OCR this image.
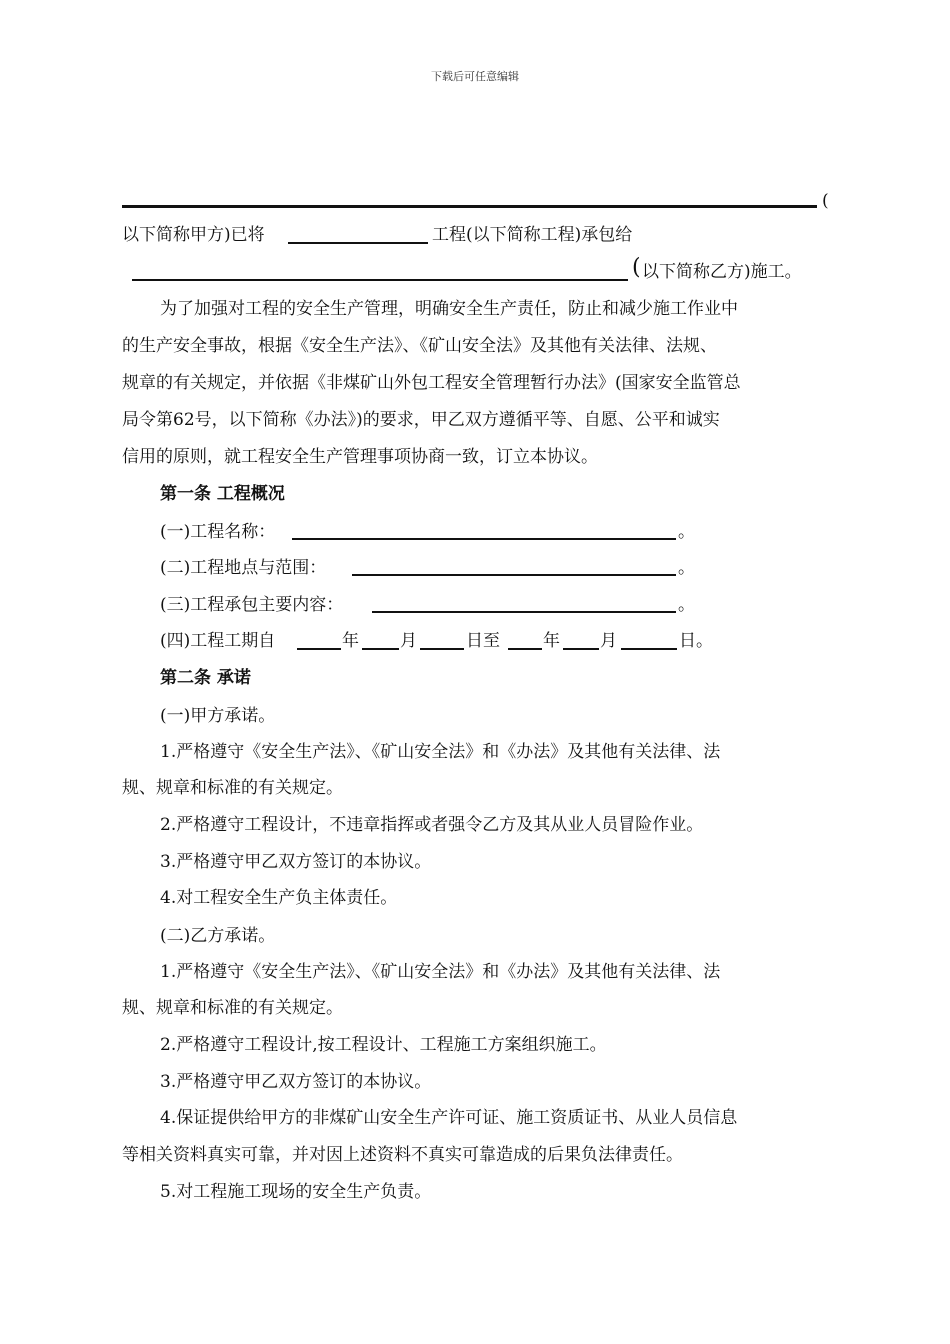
下载后可任意编辑
(
以下简称甲方)已将	工程(以下简称工程)承包给
( 以下简称乙方)施工。
为了加强对工程的安全生产管理，明确安全生产责任，防止和减少施工作业中
的生产安全事故，根据《安全生产法》、《矿山安全法》及其他有关法律、法规、
规章的有关规定，并依据《非煤矿山外包工程安全管理暂行办法》(国家安全监管总
局令第62号，以下简称《办法》)的要求，甲乙双方遵循平等、自愿、公平和诚实
信用的原则，就工程安全生产管理事项协商一致，订立本协议。
第一条 工程概况
(一)工程名称：	。
(二)工程地点与范围：	。
(三)工程承包主要内容：	。
(四)工程工期自	年 月	日至	年 月	日。
第二条 承诺
(一)甲方承诺。
1.严格遵守《安全生产法》、《矿山安全法》和《办法》及其他有关法律、法
规、规章和标准的有关规定。
2.严格遵守工程设计，不违章指挥或者强令乙方及其从业人员冒险作业。
3.严格遵守甲乙双方签订的本协议。
4.对工程安全生产负主体责任。
(二)乙方承诺。
1.严格遵守《安全生产法》、《矿山安全法》和《办法》及其他有关法律、法
规、规章和标准的有关规定。
2.严格遵守工程设计,按工程设计、工程施工方案组织施工。
3.严格遵守甲乙双方签订的本协议。
4.保证提供给甲方的非煤矿山安全生产许可证、施工资质证书、从业人员信息
等相关资料真实可靠，并对因上述资料不真实可靠造成的后果负法律责任。
5.对工程施工现场的安全生产负责。
